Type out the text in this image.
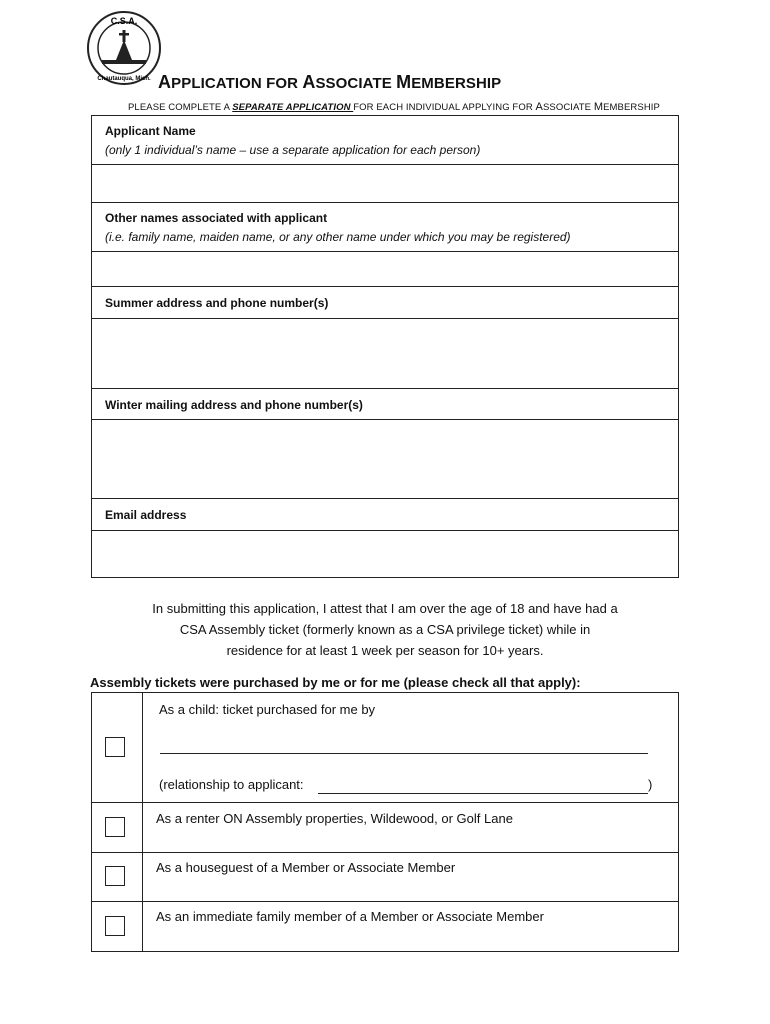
C.S.A.
Chautauqua, Mich. APPLICATION FOR ASSOCIATE MEMBERSHIP
PLEASE COMPLETE A SEPARATE APPLICATION FOR EACH INDIVIDUAL APPLYING FOR ASSOCIATE MEMBERSHIP
Applicant Name
(only 1 individual’s name – use a separate application for each person)
Other names associated with applicant
(i.e. family name, maiden name, or any other name under which you may be registered)
Summer address and phone number(s)
Winter mailing address and phone number(s)
Email address
In submitting this application, I attest that I am over the age of 18 and have had a
CSA Assembly ticket (formerly known as a CSA privilege ticket) while in
residence for at least 1 week per season for 10+ years.
Assembly tickets were purchased by me or for me (please check all that apply):
As a child: ticket purchased for me by
(relationship to applicant:	)
As a renter ON Assembly properties, Wildewood, or Golf Lane
As a houseguest of a Member or Associate Member
As an immediate family member of a Member or Associate Member
